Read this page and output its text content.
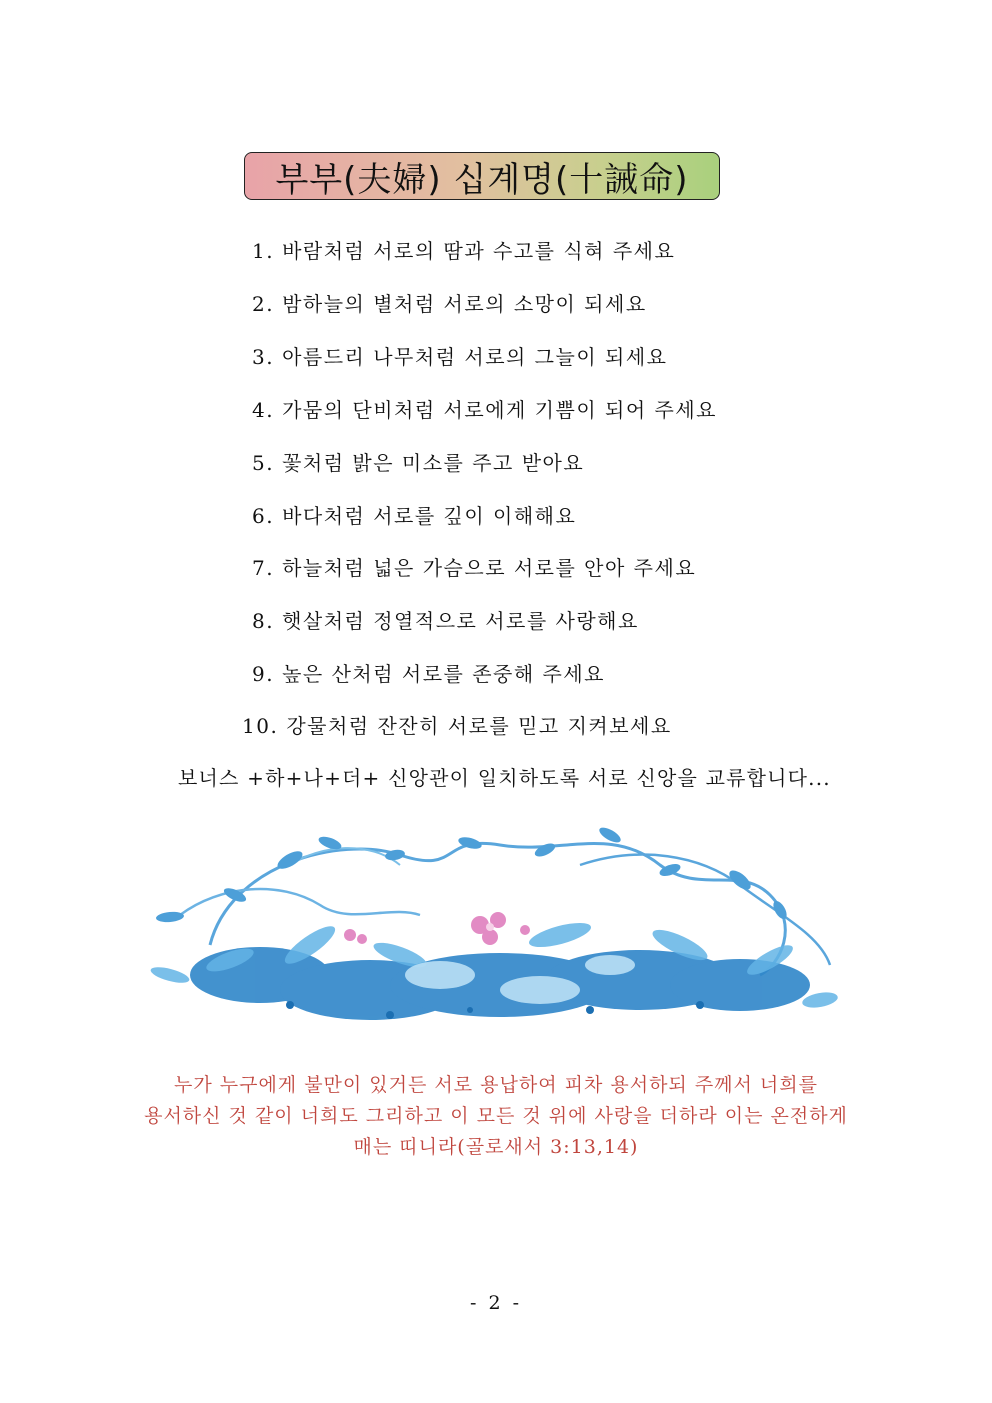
부부(夫婦) 십계명(十誡命)
1. 바람처럼 서로의 땀과 수고를 식혀 주세요
2. 밤하늘의 별처럼 서로의 소망이 되세요
3. 아름드리 나무처럼 서로의 그늘이 되세요
4. 가뭄의 단비처럼 서로에게 기쁨이 되어 주세요
5. 꽃처럼 밝은 미소를 주고 받아요
6. 바다처럼 서로를 깊이 이해해요
7. 하늘처럼 넓은 가슴으로 서로를 안아 주세요
8. 햇살처럼 정열적으로 서로를 사랑해요
9. 높은 산처럼 서로를 존중해 주세요
10. 강물처럼 잔잔히 서로를 믿고 지켜보세요
보너스 +하+나+더+ 신앙관이 일치하도록 서로 신앙을 교류합니다...
누가 누구에게 불만이 있거든 서로 용납하여 피차 용서하되 주께서 너희를
용서하신 것 같이 너희도 그리하고 이 모든 것 위에 사랑을 더하라 이는 온전하게
매는 띠니라(골로새서 3:13,14)
- 2 -
